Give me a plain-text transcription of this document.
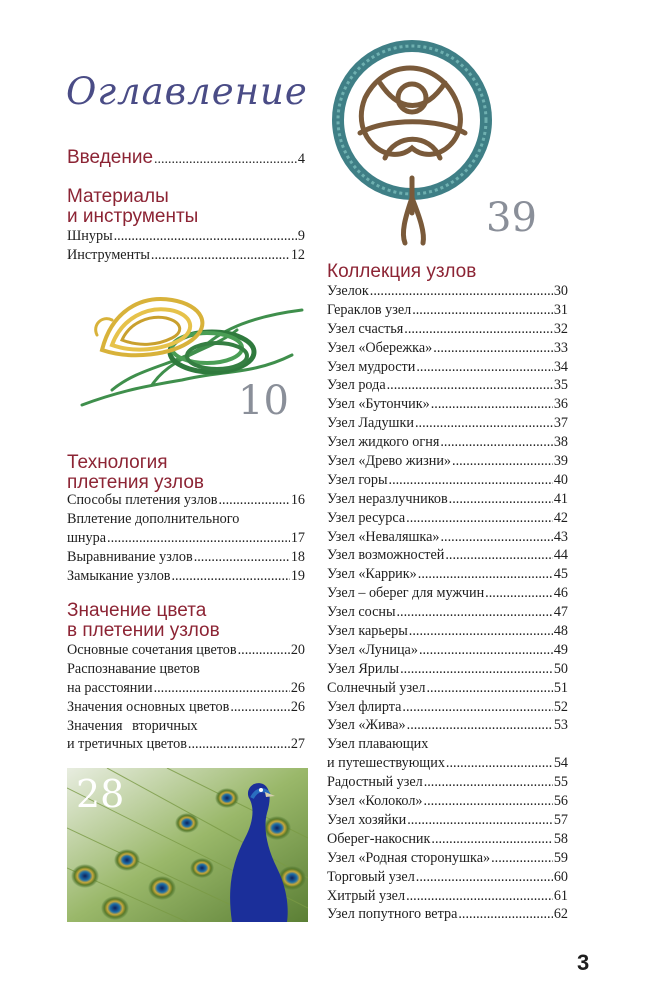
Оглавление
Введение .....	4
Материалы
и инструменты
Шнуры .....	9
Инструменты .....	12
10
Технология
плетения узлов
Способы плетения узлов .....	16
Вплетение дополнительного
шнура .....	17
Выравнивание узлов .....	18
Замыкание узлов .....	19
Значение цвета
в плетении узлов
Основные сочетания цветов .....	20
Распознавание цветов
на расстоянии .....	26
Значения основных цветов .....	26
Значения вторичных
и третичных цветов .....	27
28
39
Коллекция узлов
Узелок .....	30
Гераклов узел .....	31
Узел счастья .....	32
Узел «Обережка» .....	33
Узел мудрости .....	34
Узел рода .....	35
Узел «Бутончик» .....	36
Узел Ладушки .....	37
Узел жидкого огня .....	38
Узел «Древо жизни» .....	39
Узел горы .....	40
Узел неразлучников .....	41
Узел ресурса .....	42
Узел «Неваляшка» .....	43
Узел возможностей .....	44
Узел «Каррик» .....	45
Узел – оберег для мужчин .....	46
Узел сосны .....	47
Узел карьеры .....	48
Узел «Луница» .....	49
Узел Ярилы .....	50
Солнечный узел .....	51
Узел флирта .....	52
Узел «Жива» .....	53
Узел плавающих
и путешествующих .....	54
Радостный узел .....	55
Узел «Колокол» .....	56
Узел хозяйки .....	57
Оберег-накосник .....	58
Узел «Родная сторонушка» .....	59
Торговый узел .....	60
Хитрый узел .....	61
Узел попутного ветра .....	62
3
